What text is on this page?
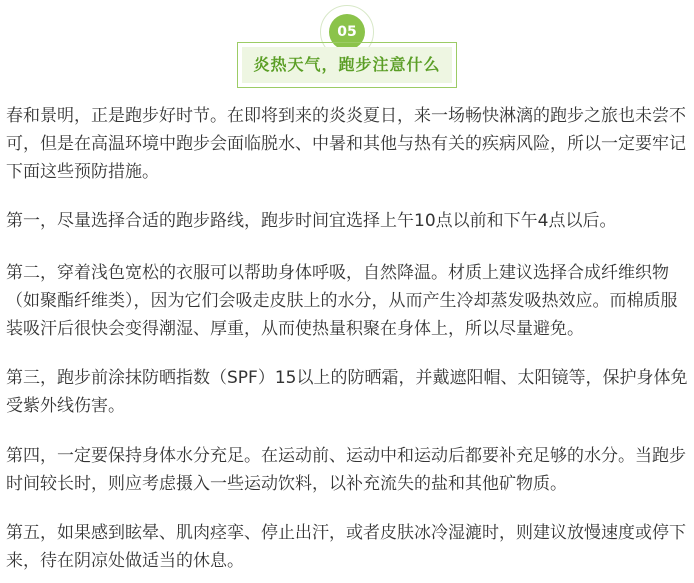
05
炎热天气，跑步注意什么

春和景明，正是跑步好时节。在即将到来的炎炎夏日，来一场畅快淋漓的跑步之旅也未尝不可，但是在高温环境中跑步会面临脱水、中暑和其他与热有关的疾病风险，所以一定要牢记下面这些预防措施。

第一，尽量选择合适的跑步路线，跑步时间宜选择上午10点以前和下午4点以后。

第二，穿着浅色宽松的衣服可以帮助身体呼吸，自然降温。材质上建议选择合成纤维织物（如聚酯纤维类），因为它们会吸走皮肤上的水分，从而产生冷却蒸发吸热效应。而棉质服装吸汗后很快会变得潮湿、厚重，从而使热量积聚在身体上，所以尽量避免。

第三，跑步前涂抹防晒指数（SPF）15以上的防晒霜，并戴遮阳帽、太阳镜等，保护身体免受紫外线伤害。

第四，一定要保持身体水分充足。在运动前、运动中和运动后都要补充足够的水分。当跑步时间较长时，则应考虑摄入一些运动饮料，以补充流失的盐和其他矿物质。

第五，如果感到眩晕、肌肉痉挛、停止出汗，或者皮肤冰冷湿漉时，则建议放慢速度或停下来，待在阴凉处做适当的休息。
